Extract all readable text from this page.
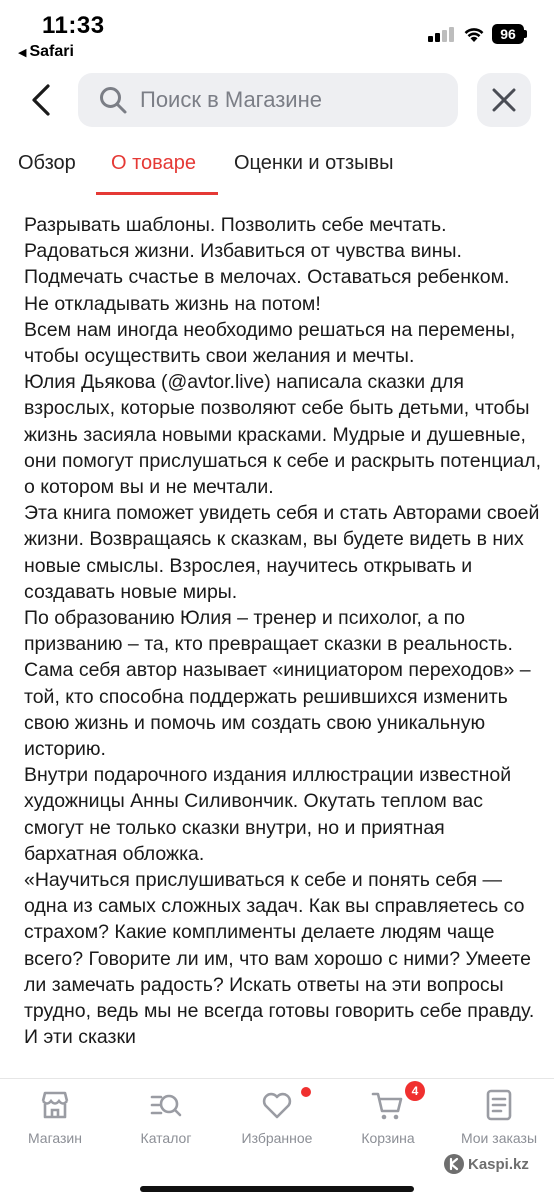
11:33
◀ Safari
96
Поиск в Магазине
Обзор О товаре Оценки и отзывы

Разрывать шаблоны. Позволить себе мечтать.

Радоваться жизни. Избавиться от чувства вины.

Подмечать счастье в мелочах. Оставаться ребенком.

Не откладывать жизнь на потом!

Всем нам иногда необходимо решаться на перемены, чтобы осуществить свои желания и мечты.

Юлия Дьякова (@avtor.live) написала сказки для взрослых, которые позволяют себе быть детьми, чтобы жизнь засияла новыми красками. Мудрые и душевные, они помогут прислушаться к себе и раскрыть потенциал, о котором вы и не мечтали.

Эта книга поможет увидеть себя и стать Авторами своей жизни. Возвращаясь к сказкам, вы будете видеть в них новые смыслы. Взрослея, научитесь открывать и создавать новые миры.

По образованию Юлия – тренер и психолог, а по призванию – та, кто превращает сказки в реальность. Сама себя автор называет «инициатором переходов» – той, кто способна поддержать решившихся изменить свою жизнь и помочь им создать свою уникальную историю.

Внутри подарочного издания иллюстрации известной художницы Анны Силивончик. Окутать теплом вас смогут не только сказки внутри, но и приятная бархатная обложка.

«Научиться прислушиваться к себе и понять себя — одна из самых сложных задач. Как вы справляетесь со страхом? Какие комплименты делаете людям чаще всего? Говорите ли им, что вам хорошо с ними? Умеете ли замечать радость? Искать ответы на эти вопросы трудно, ведь мы не всегда готовы говорить себе правду. И эти сказки

Магазин	Каталог	Избранное
4
Корзина	Мои заказы
Kaspi.kz
